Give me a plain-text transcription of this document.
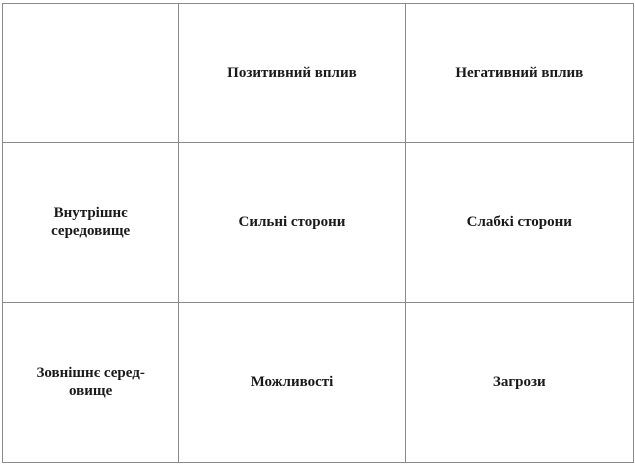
	Позитивний вплив	Негативний вплив

Внутрішнє
середовище	Сильні сторони	Слабкі сторони

Зовнішнє серед-
овище	Можливості	Загрози
